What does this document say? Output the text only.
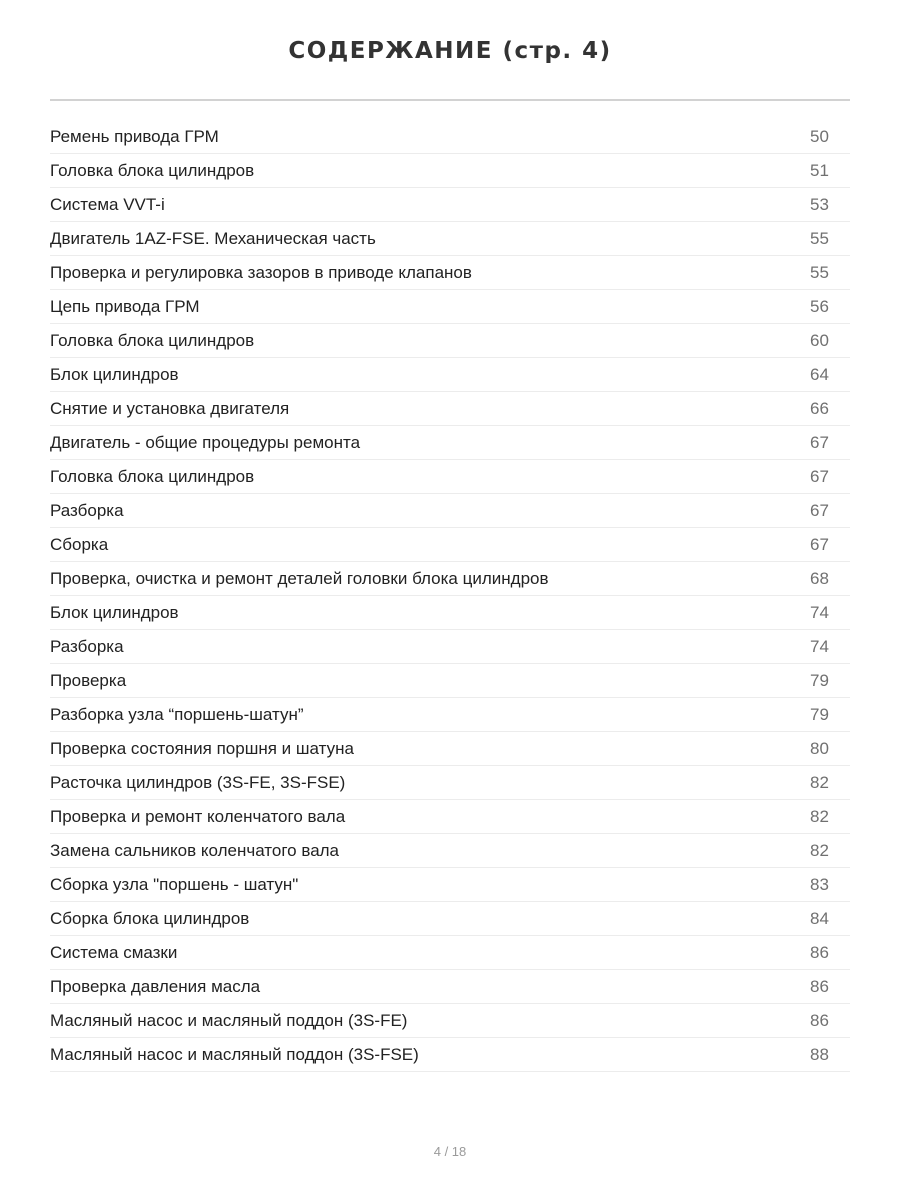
СОДЕРЖАНИЕ (стр. 4)
Ремень привода ГРМ	50
Головка блока цилиндров	51
Система VVT-i	53
Двигатель 1AZ-FSE. Механическая часть	55
Проверка и регулировка зазоров в приводе клапанов	55
Цепь привода ГРМ	56
Головка блока цилиндров	60
Блок цилиндров	64
Снятие и установка двигателя	66
Двигатель - общие процедуры ремонта	67
Головка блока цилиндров	67
Разборка	67
Сборка	67
Проверка, очистка и ремонт деталей головки блока цилиндров	68
Блок цилиндров	74
Разборка	74
Проверка	79
Разборка узла “поршень-шатун”	79
Проверка состояния поршня и шатуна	80
Расточка цилиндров (3S-FE, 3S-FSE)	82
Проверка и ремонт коленчатого вала	82
Замена сальников коленчатого вала	82
Сборка узла "поршень - шатун"	83
Сборка блока цилиндров	84
Система смазки	86
Проверка давления масла	86
Масляный насос и масляный поддон (3S-FE)	86
Масляный насос и масляный поддон (3S-FSE)	88
4 / 18
